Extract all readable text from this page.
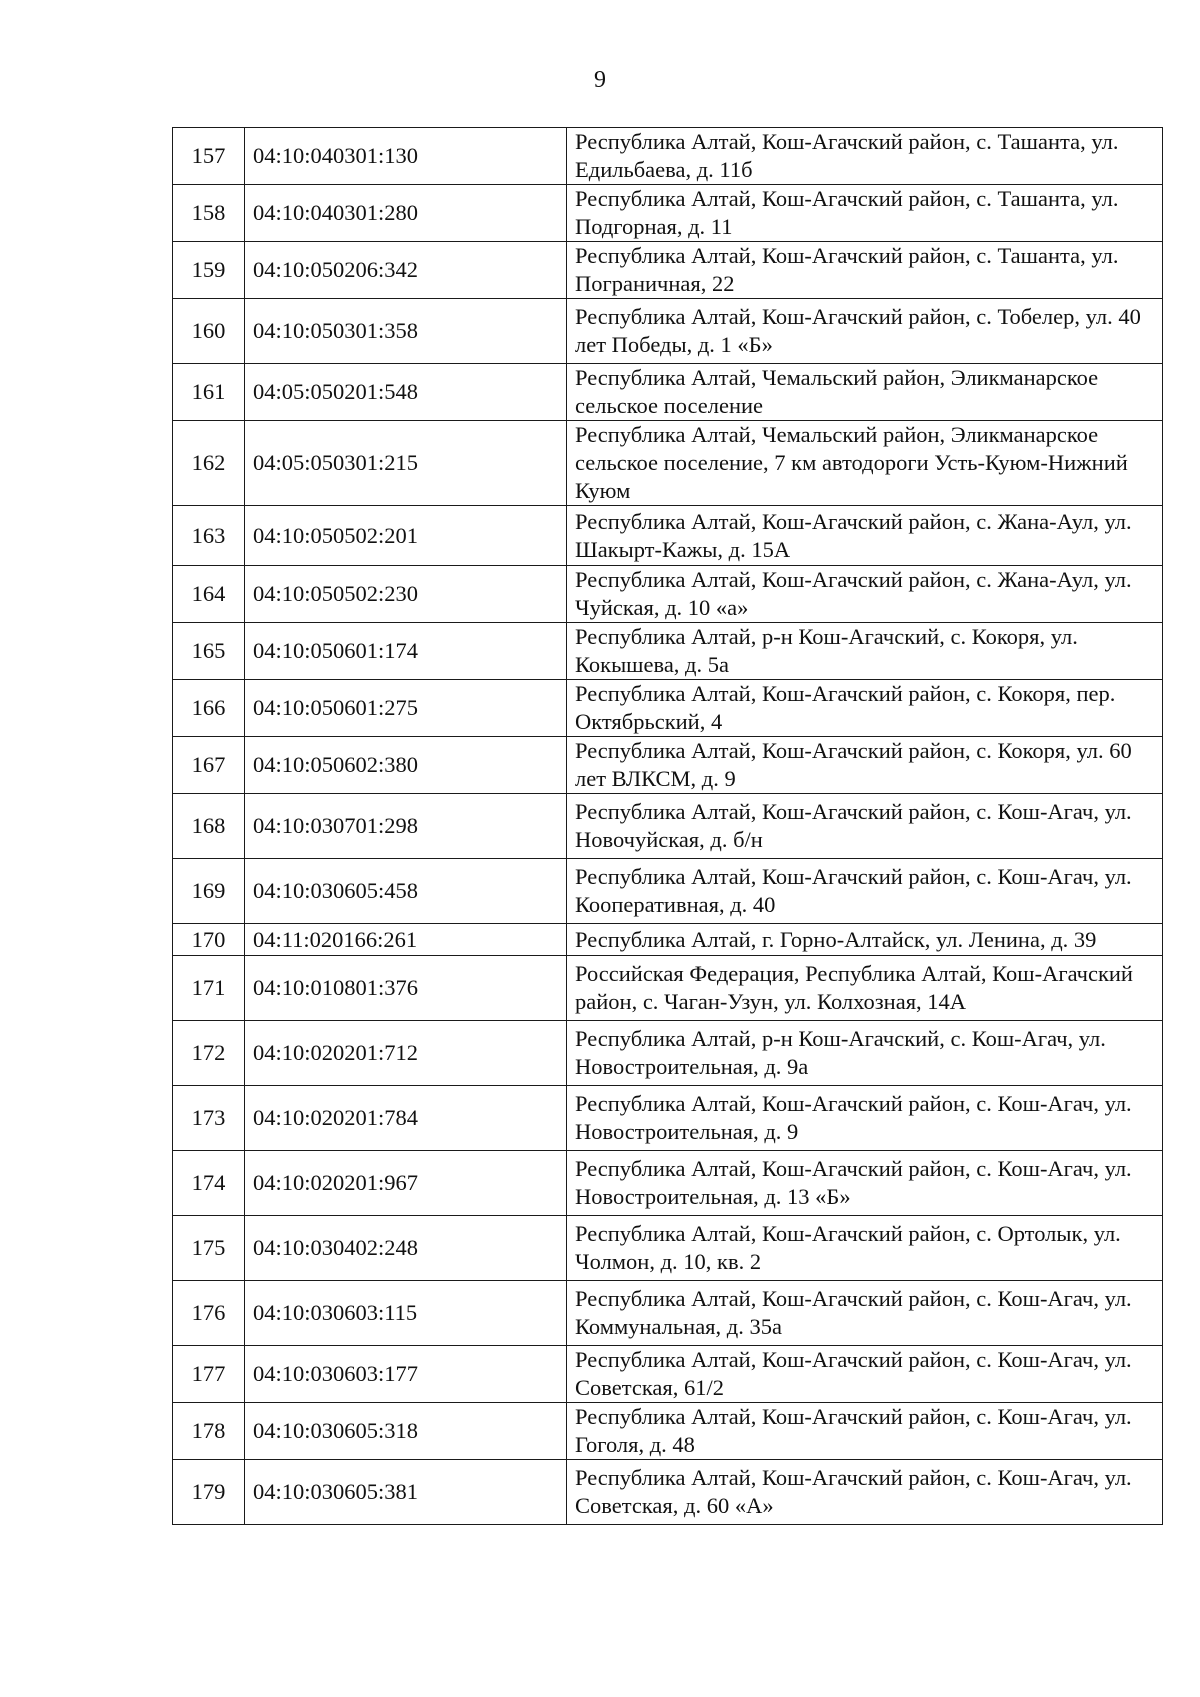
9
157	04:10:040301:130	Республика Алтай, Кош-Агачский район, с. Ташанта, ул. Едильбаева, д. 11б
158	04:10:040301:280	Республика Алтай, Кош-Агачский район, с. Ташанта, ул. Подгорная, д. 11
159	04:10:050206:342	Республика Алтай, Кош-Агачский район, с. Ташанта, ул. Пограничная, 22
160	04:10:050301:358	Республика Алтай, Кош-Агачский район, с. Тобелер, ул. 40 лет Победы, д. 1 «Б»
161	04:05:050201:548	Республика Алтай, Чемальский район, Эликманарское сельское поселение
162	04:05:050301:215	Республика Алтай, Чемальский район, Эликманарское сельское поселение, 7 км автодороги Усть-Куюм-Нижний Куюм
163	04:10:050502:201	Республика Алтай, Кош-Агачский район, с. Жана-Аул, ул. Шакырт-Кажы, д. 15А
164	04:10:050502:230	Республика Алтай, Кош-Агачский район, с. Жана-Аул, ул. Чуйская, д. 10 «а»
165	04:10:050601:174	Республика Алтай, р-н Кош-Агачский, с. Кокоря, ул. Кокышева, д. 5а
166	04:10:050601:275	Республика Алтай, Кош-Агачский район, с. Кокоря, пер. Октябрьский, 4
167	04:10:050602:380	Республика Алтай, Кош-Агачский район, с. Кокоря, ул. 60 лет ВЛКСМ, д. 9
168	04:10:030701:298	Республика Алтай, Кош-Агачский район, с. Кош-Агач, ул. Новочуйская, д. б/н
169	04:10:030605:458	Республика Алтай, Кош-Агачский район, с. Кош-Агач, ул. Кооперативная, д. 40
170	04:11:020166:261	Республика Алтай, г. Горно-Алтайск, ул. Ленина, д. 39
171	04:10:010801:376	Российская Федерация, Республика Алтай, Кош-Агачский район, с. Чаган-Узун, ул. Колхозная, 14А
172	04:10:020201:712	Республика Алтай, р-н Кош-Агачский, с. Кош-Агач, ул. Новостроительная, д. 9а
173	04:10:020201:784	Республика Алтай, Кош-Агачский район, с. Кош-Агач, ул. Новостроительная, д. 9
174	04:10:020201:967	Республика Алтай, Кош-Агачский район, с. Кош-Агач, ул. Новостроительная, д. 13 «Б»
175	04:10:030402:248	Республика Алтай, Кош-Агачский район, с. Ортолык, ул. Чолмон, д. 10, кв. 2
176	04:10:030603:115	Республика Алтай, Кош-Агачский район, с. Кош-Агач, ул. Коммунальная, д. 35а
177	04:10:030603:177	Республика Алтай, Кош-Агачский район, с. Кош-Агач, ул. Советская, 61/2
178	04:10:030605:318	Республика Алтай, Кош-Агачский район, с. Кош-Агач, ул. Гоголя, д. 48
179	04:10:030605:381	Республика Алтай, Кош-Агачский район, с. Кош-Агач, ул. Советская, д. 60 «А»
